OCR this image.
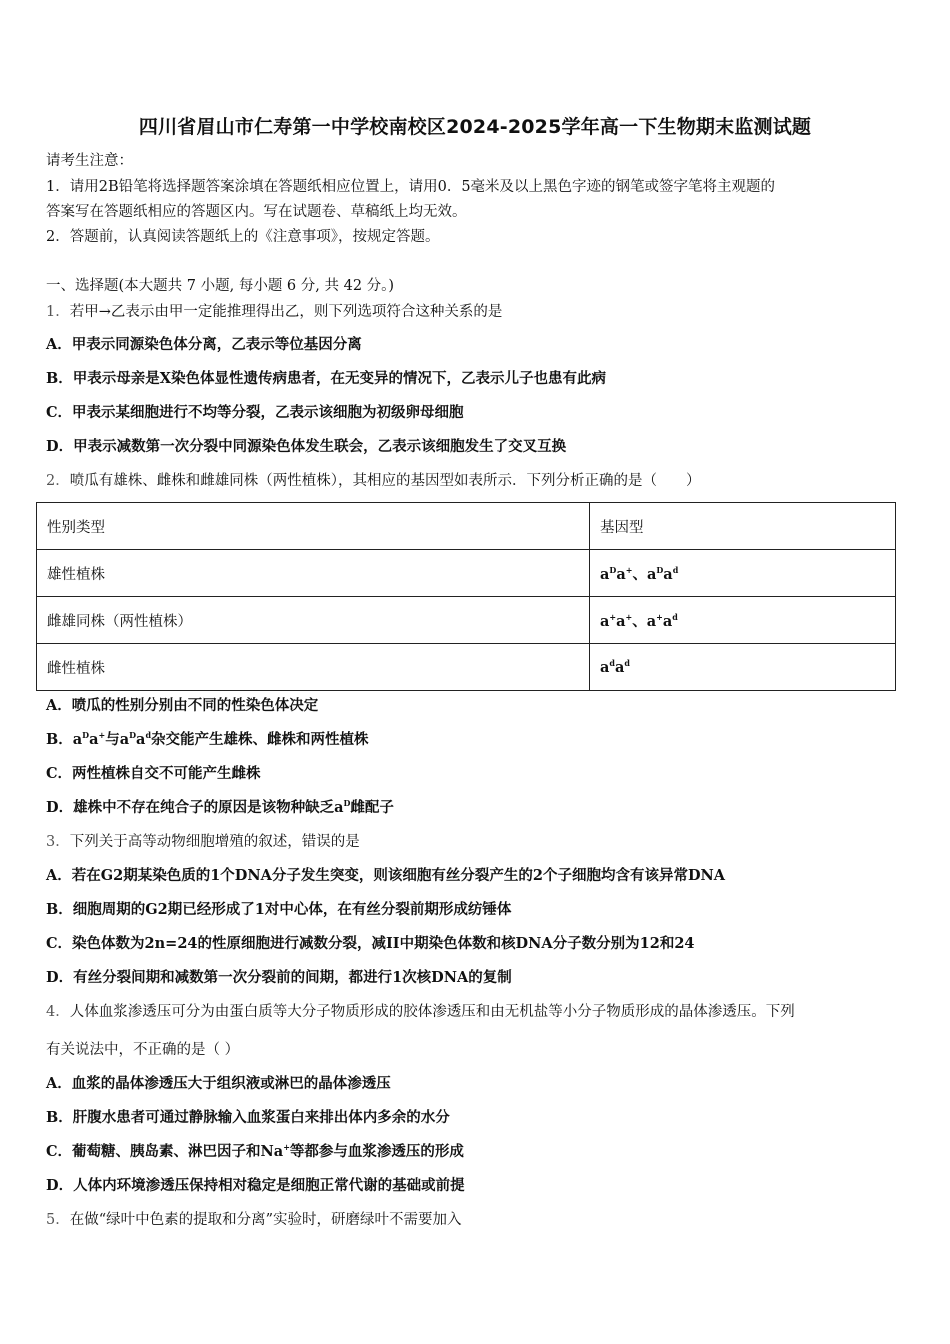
四川省眉山市仁寿第一中学校南校区2024-2025学年高一下生物期末监测试题
请考生注意：
1．请用2B铅笔将选择题答案涂填在答题纸相应位置上，请用0．5毫米及以上黑色字迹的钢笔或签字笔将主观题的
答案写在答题纸相应的答题区内。写在试题卷、草稿纸上均无效。
2．答题前，认真阅读答题纸上的《注意事项》，按规定答题。
一、选择题(本大题共 7 小题, 每小题 6 分, 共 42 分。)
1．若甲→乙表示由甲一定能推理得出乙，则下列选项符合这种关系的是
A．甲表示同源染色体分离，乙表示等位基因分离
B．甲表示母亲是X染色体显性遗传病患者，在无变异的情况下，乙表示儿子也患有此病
C．甲表示某细胞进行不均等分裂，乙表示该细胞为初级卵母细胞
D．甲表示减数第一次分裂中同源染色体发生联会，乙表示该细胞发生了交叉互换
2．喷瓜有雄株、雌株和雌雄同株（两性植株），其相应的基因型如表所示．下列分析正确的是（　　）
性别类型	基因型
雄性植株	$a^Da^+$、$a^Da^d$
雌雄同株（两性植株）	a+a+、$a^+a^d$
雌性植株	$a^da^d$
A．喷瓜的性别分别由不同的性染色体决定
B．$a^Da^+$与$a^Da^d$杂交能产生雄株、雌株和两性植株
C．两性植株自交不可能产生雌株
D．雄株中不存在纯合子的原因是该物种缺乏$a^D$雌配子
3．下列关于高等动物细胞增殖的叙述，错误的是
A．若在G2期某染色质的1个DNA分子发生突变，则该细胞有丝分裂产生的2个子细胞均含有该异常DNA
B．细胞周期的G2期已经形成了1对中心体，在有丝分裂前期形成纺锤体
C．染色体数为2n=24的性原细胞进行减数分裂，减II中期染色体数和核DNA分子数分别为12和24
D．有丝分裂间期和减数第一次分裂前的间期，都进行1次核DNA的复制
4．人体血浆渗透压可分为由蛋白质等大分子物质形成的胶体渗透压和由无机盐等小分子物质形成的晶体渗透压。下列
有关说法中，不正确的是（ ）
A．血浆的晶体渗透压大于组织液或淋巴的晶体渗透压
B．肝腹水患者可通过静脉输入血浆蛋白来排出体内多余的水分
C．葡萄糖、胰岛素、淋巴因子和Na+等都参与血浆渗透压的形成
D．人体内环境渗透压保持相对稳定是细胞正常代谢的基础或前提
5．在做“绿叶中色素的提取和分离”实验时，研磨绿叶不需要加入
